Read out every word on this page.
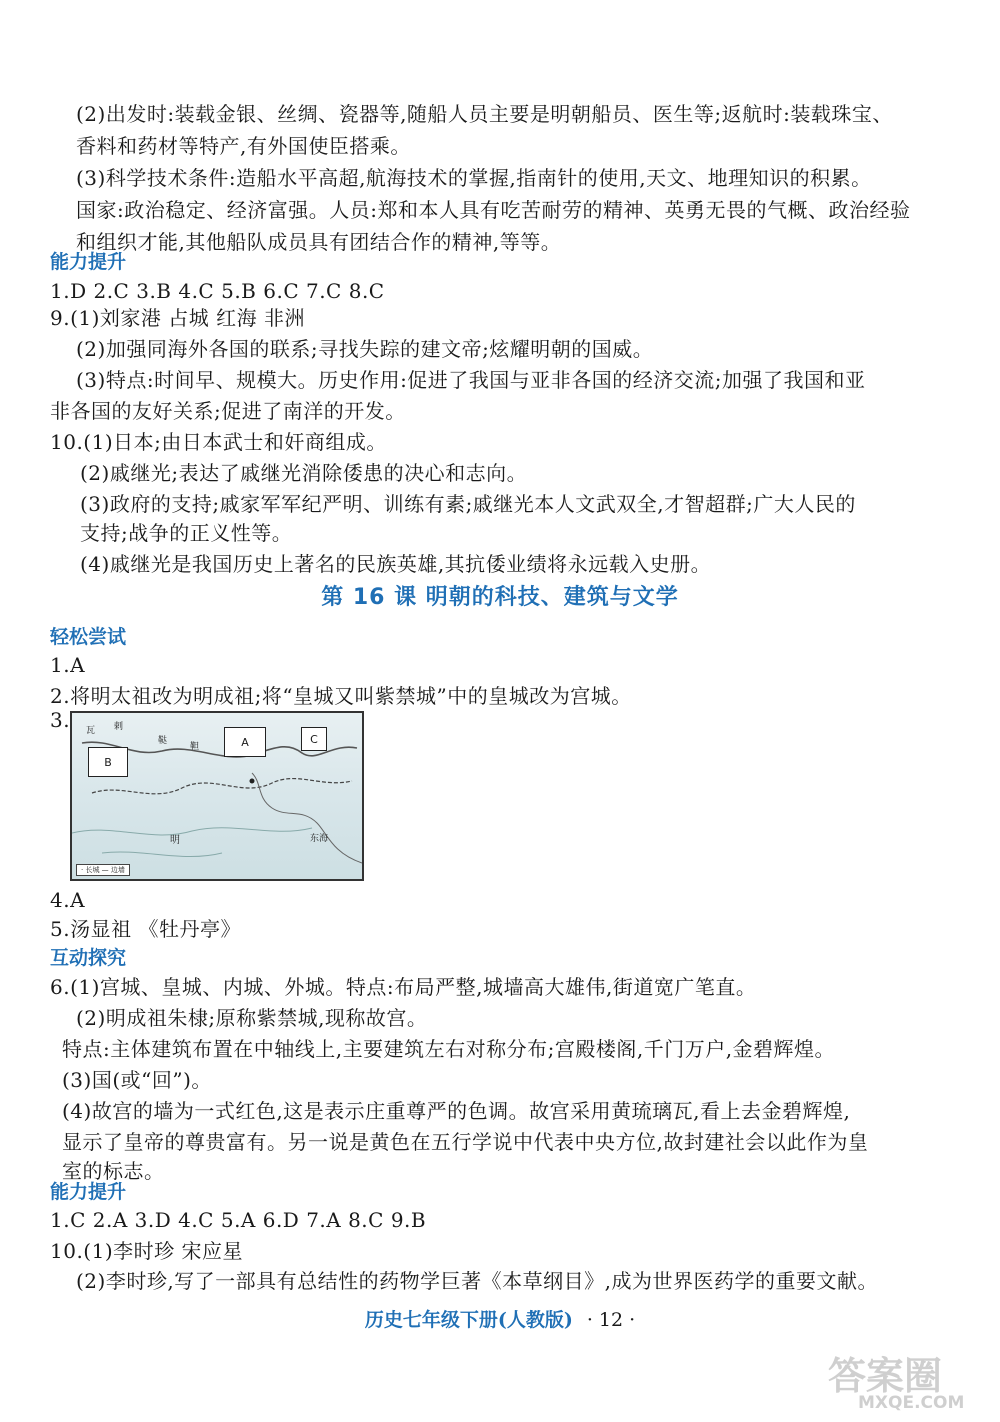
(2)出发时:装载金银、丝绸、瓷器等,随船人员主要是明朝船员、医生等;返航时:装载珠宝、
香料和药材等特产,有外国使臣搭乘。
(3)科学技术条件:造船水平高超,航海技术的掌握,指南针的使用,天文、地理知识的积累。
国家:政治稳定、经济富强。人员:郑和本人具有吃苦耐劳的精神、英勇无畏的气概、政治经验
和组织才能,其他船队成员具有团结合作的精神,等等。
能力提升
1.D 2.C 3.B 4.C 5.B 6.C 7.C 8.C
9.(1)刘家港 占城 红海 非洲
(2)加强同海外各国的联系;寻找失踪的建文帝;炫耀明朝的国威。
(3)特点:时间早、规模大。历史作用:促进了我国与亚非各国的经济交流;加强了我国和亚
非各国的友好关系;促进了南洋的开发。
10.(1)日本;由日本武士和奸商组成。
(2)戚继光;表达了戚继光消除倭患的决心和志向。
(3)政府的支持;戚家军军纪严明、训练有素;戚继光本人文武双全,才智超群;广大人民的
支持;战争的正义性等。
(4)戚继光是我国历史上著名的民族英雄,其抗倭业绩将永远载入史册。
第 16 课 明朝的科技、建筑与文学
轻松尝试
1.A
2.将明太祖改为明成祖;将“皇城又叫紫禁城”中的皇城改为宫城。
3.
B
A	C
瓦 剌
鞑
靼
明	东海
· 长城 — 边墙
4.A
5.汤显祖 《牡丹亭》
互动探究
6.(1)宫城、皇城、内城、外城。特点:布局严整,城墙高大雄伟,街道宽广笔直。
(2)明成祖朱棣;原称紫禁城,现称故宫。
特点:主体建筑布置在中轴线上,主要建筑左右对称分布;宫殿楼阁,千门万户,金碧辉煌。
(3)国(或“回”)。
(4)故宫的墙为一式红色,这是表示庄重尊严的色调。故宫采用黄琉璃瓦,看上去金碧辉煌,
显示了皇帝的尊贵富有。另一说是黄色在五行学说中代表中央方位,故封建社会以此作为皇
室的标志。
能力提升
1.C 2.A 3.D 4.C 5.A 6.D 7.A 8.C 9.B
10.(1)李时珍 宋应星
(2)李时珍,写了一部具有总结性的药物学巨著《本草纲目》,成为世界医药学的重要文献。
历史七年级下册(人教版) · 12 ·
答案圈
MXQE.COM
